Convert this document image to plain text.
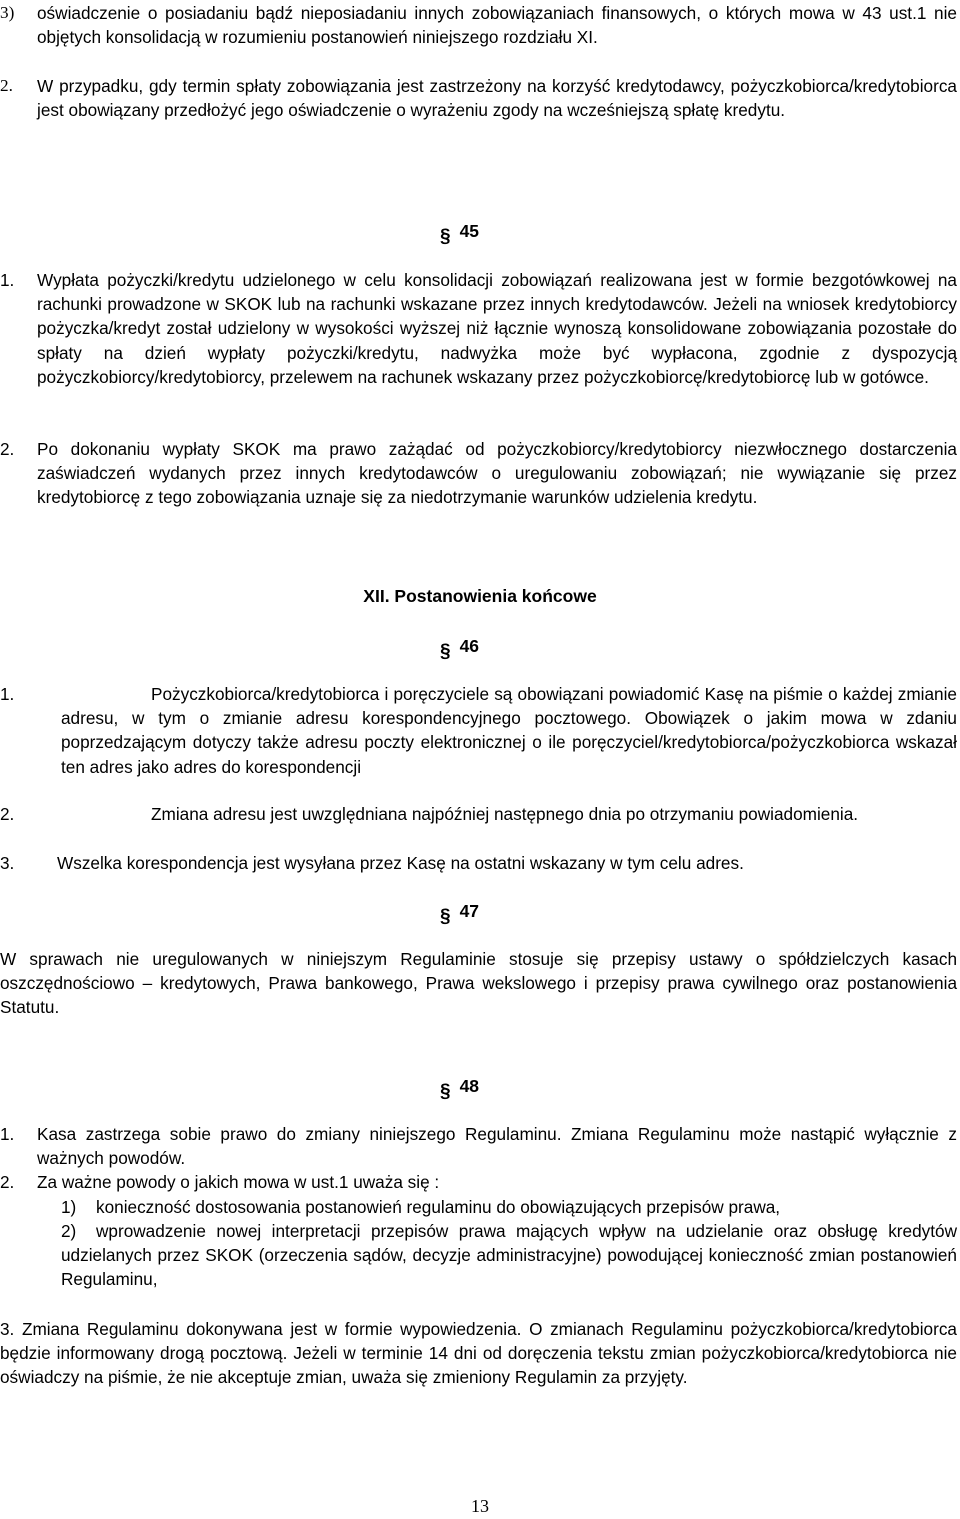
3) oświadczenie o posiadaniu bądź nieposiadaniu innych zobowiązaniach finansowych, o których mowa w 43 ust.1 nie objętych konsolidacją w rozumieniu postanowień niniejszego rozdziału XI.
2. W przypadku, gdy termin spłaty zobowiązania jest zastrzeżony na korzyść kredytodawcy, pożyczkobiorca/kredytobiorca jest obowiązany przedłożyć jego oświadczenie o wyrażeniu zgody na wcześniejszą spłatę kredytu.
§ 45
1. Wypłata pożyczki/kredytu udzielonego w celu konsolidacji zobowiązań realizowana jest w formie bezgotówkowej na rachunki prowadzone w SKOK lub na rachunki wskazane przez innych kredytodawców. Jeżeli na wniosek kredytobiorcy pożyczka/kredyt został udzielony w wysokości wyższej niż łącznie wynoszą konsolidowane zobowiązania pozostałe do spłaty na dzień wypłaty pożyczki/kredytu, nadwyżka może być wypłacona, zgodnie z dyspozycją pożyczkobiorcy/kredytobiorcy, przelewem na rachunek wskazany przez pożyczkobiorcę/kredytobiorcę lub w gotówce.
2. Po dokonaniu wypłaty SKOK ma prawo zażądać od pożyczkobiorcy/kredytobiorcy niezwłocznego dostarczenia zaświadczeń wydanych przez innych kredytodawców o uregulowaniu zobowiązań; nie wywiązanie się przez kredytobiorcę z tego zobowiązania uznaje się za niedotrzymanie warunków udzielenia kredytu.
XII. Postanowienia końcowe
§ 46
1.	Pożyczkobiorca/kredytobiorca i poręczyciele są obowiązani powiadomić Kasę na piśmie o każdej zmianie adresu, w tym o zmianie adresu korespondencyjnego pocztowego. Obowiązek o jakim mowa w zdaniu poprzedzającym dotyczy także adresu poczty elektronicznej o ile poręczyciel/kredytobiorca/pożyczkobiorca wskazał ten adres jako adres do korespondencji
2.	Zmiana adresu jest uwzględniana najpóźniej następnego dnia po otrzymaniu powiadomienia.
3. Wszelka korespondencja jest wysyłana przez Kasę na ostatni wskazany w tym celu adres.
§ 47
W sprawach nie uregulowanych w niniejszym Regulaminie stosuje się przepisy ustawy o spółdzielczych kasach oszczędnościowo – kredytowych, Prawa bankowego, Prawa wekslowego i przepisy prawa cywilnego oraz postanowienia Statutu.
§ 48
1. Kasa zastrzega sobie prawo do zmiany niniejszego Regulaminu. Zmiana Regulaminu może nastąpić wyłącznie z ważnych powodów.
2. Za ważne powody o jakich mowa w ust.1 uważa się :
1) konieczność dostosowania postanowień regulaminu do obowiązujących przepisów prawa,
2)	wprowadzenie nowej interpretacji przepisów prawa mających wpływ na udzielanie oraz obsługę kredytów udzielanych przez SKOK (orzeczenia sądów, decyzje administracyjne) powodującej konieczność zmian postanowień Regulaminu,
3. Zmiana Regulaminu dokonywana jest w formie wypowiedzenia. O zmianach Regulaminu pożyczkobiorca/kredytobiorca będzie informowany drogą pocztową. Jeżeli w terminie 14 dni od doręczenia tekstu zmian pożyczkobiorca/kredytobiorca nie oświadczy na piśmie, że nie akceptuje zmian, uważa się zmieniony Regulamin za przyjęty.
13
